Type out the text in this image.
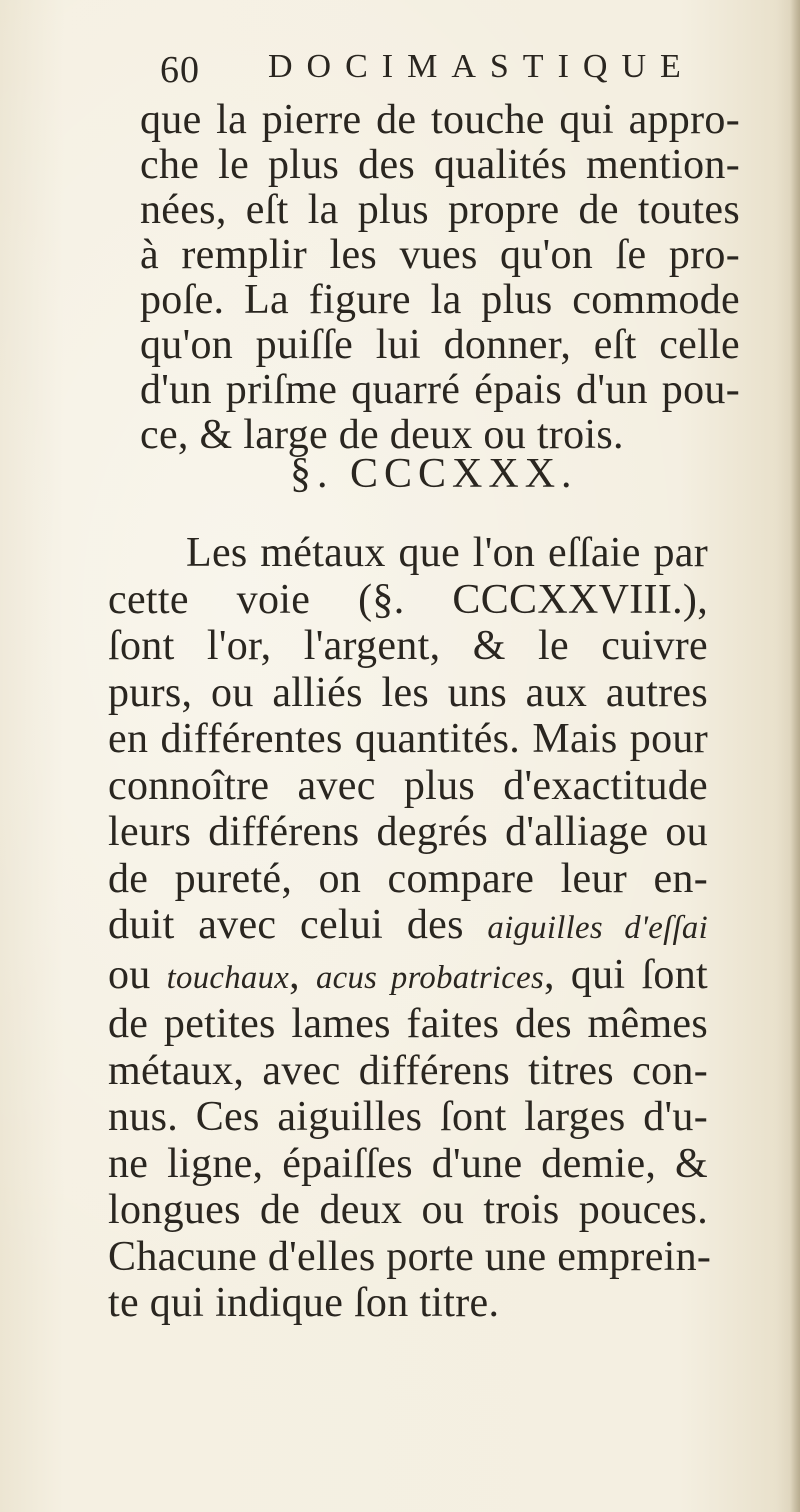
60 DOCIMASTIQUE
que la pierre de touche qui appro-
che le plus des qualités mention-
nées, eſt la plus propre de toutes
à remplir les vues qu'on ſe pro-
poſe. La figure la plus commode
qu'on puiſſe lui donner, eſt celle
d'un priſme quarré épais d'un pou-
ce, & large de deux ou trois.
§. CCCXXX.
Les métaux que l'on eſſaie par
cette voie (§. CCCXXVIII.),
ſont l'or, l'argent, & le cuivre
purs, ou alliés les uns aux autres
en différentes quantités. Mais pour
connoître avec plus d'exactitude
leurs différens degrés d'alliage ou
de pureté, on compare leur en-
duit avec celui des aiguilles d'eſſai
ou touchaux, acus probatrices, qui ſont
de petites lames faites des mêmes
métaux, avec différens titres con-
nus. Ces aiguilles ſont larges d'u-
ne ligne, épaiſſes d'une demie, &
longues de deux ou trois pouces.
Chacune d'elles porte une emprein-
te qui indique ſon titre.
